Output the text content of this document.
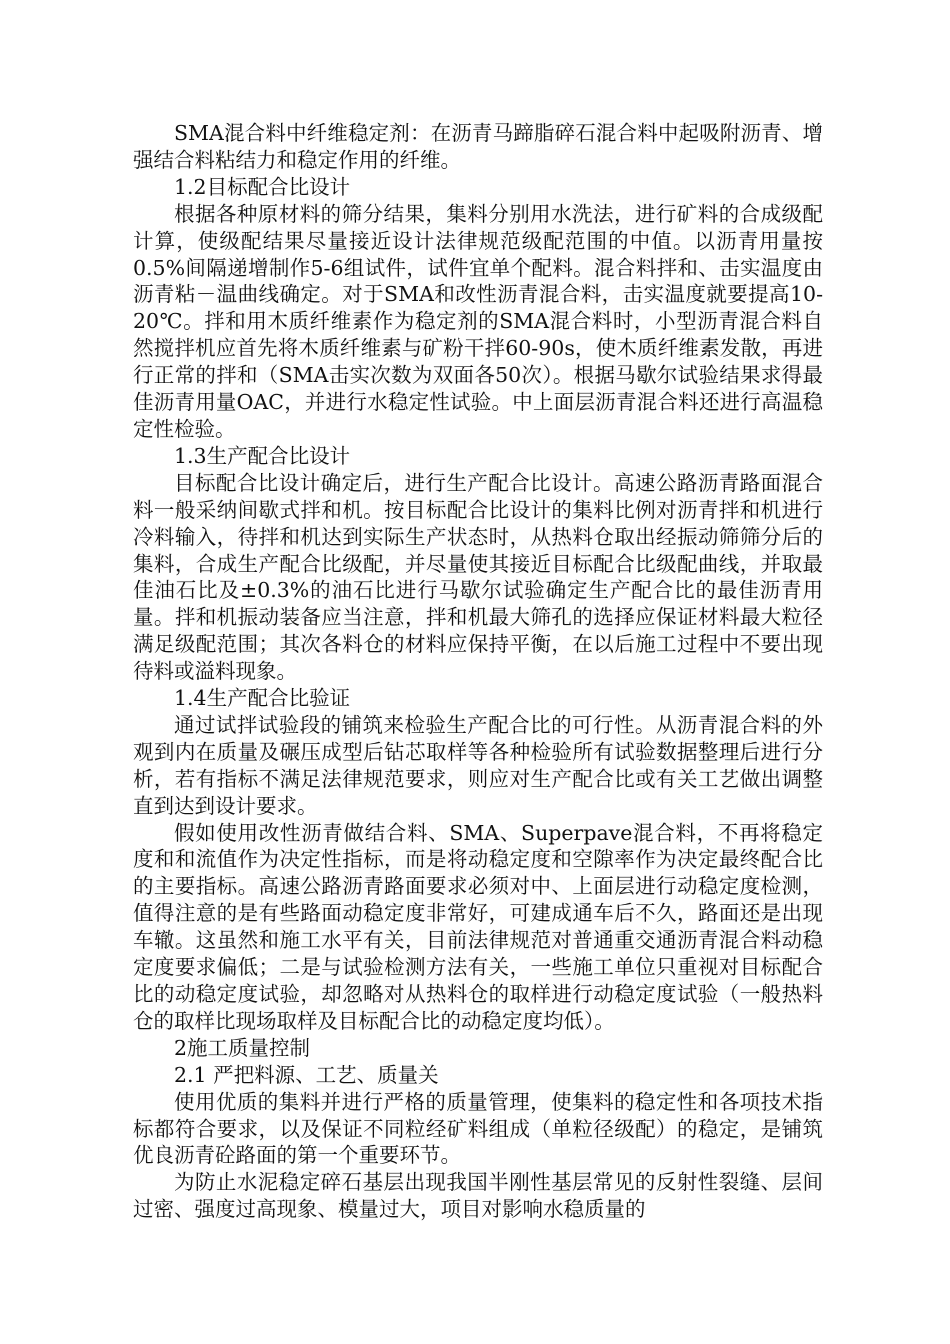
SMA混合料中纤维稳定剂：在沥青马蹄脂碎石混合料中起吸附沥青、增强结合料粘结力和稳定作用的纤维。

1.2目标配合比设计

根据各种原材料的筛分结果，集料分别用水洗法，进行矿料的合成级配计算，使级配结果尽量接近设计法律规范级配范围的中值。以沥青用量按0.5%间隔递增制作5-6组试件，试件宜单个配料。混合料拌和、击实温度由沥青粘－温曲线确定。对于SMA和改性沥青混合料，击实温度就要提高10-20℃。拌和用木质纤维素作为稳定剂的SMA混合料时，小型沥青混合料自然搅拌机应首先将木质纤维素与矿粉干拌60-90s，使木质纤维素发散，再进行正常的拌和（SMA击实次数为双面各50次）。根据马歇尔试验结果求得最佳沥青用量OAC，并进行水稳定性试验。中上面层沥青混合料还进行高温稳定性检验。

1.3生产配合比设计

目标配合比设计确定后，进行生产配合比设计。高速公路沥青路面混合料一般采纳间歇式拌和机。按目标配合比设计的集料比例对沥青拌和机进行冷料输入，待拌和机达到实际生产状态时，从热料仓取出经振动筛筛分后的集料，合成生产配合比级配，并尽量使其接近目标配合比级配曲线，并取最佳油石比及±0.3%的油石比进行马歇尔试验确定生产配合比的最佳沥青用量。拌和机振动装备应当注意，拌和机最大筛孔的选择应保证材料最大粒径满足级配范围；其次各料仓的材料应保持平衡，在以后施工过程中不要出现待料或溢料现象。

1.4生产配合比验证

通过试拌试验段的铺筑来检验生产配合比的可行性。从沥青混合料的外观到内在质量及碾压成型后钻芯取样等各种检验所有试验数据整理后进行分析，若有指标不满足法律规范要求，则应对生产配合比或有关工艺做出调整直到达到设计要求。

假如使用改性沥青做结合料、SMA、Superpave混合料，不再将稳定度和和流值作为决定性指标，而是将动稳定度和空隙率作为决定最终配合比的主要指标。高速公路沥青路面要求必须对中、上面层进行动稳定度检测，值得注意的是有些路面动稳定度非常好，可建成通车后不久，路面还是出现车辙。这虽然和施工水平有关，目前法律规范对普通重交通沥青混合料动稳定度要求偏低；二是与试验检测方法有关，一些施工单位只重视对目标配合比的动稳定度试验，却忽略对从热料仓的取样进行动稳定度试验（一般热料仓的取样比现场取样及目标配合比的动稳定度均低）。

2施工质量控制

2.1 严把料源、工艺、质量关

使用优质的集料并进行严格的质量管理，使集料的稳定性和各项技术指标都符合要求，以及保证不同粒经矿料组成（单粒径级配）的稳定，是铺筑优良沥青砼路面的第一个重要环节。

为防止水泥稳定碎石基层出现我国半刚性基层常见的反射性裂缝、层间过密、强度过高现象、模量过大，项目对影响水稳质量的
